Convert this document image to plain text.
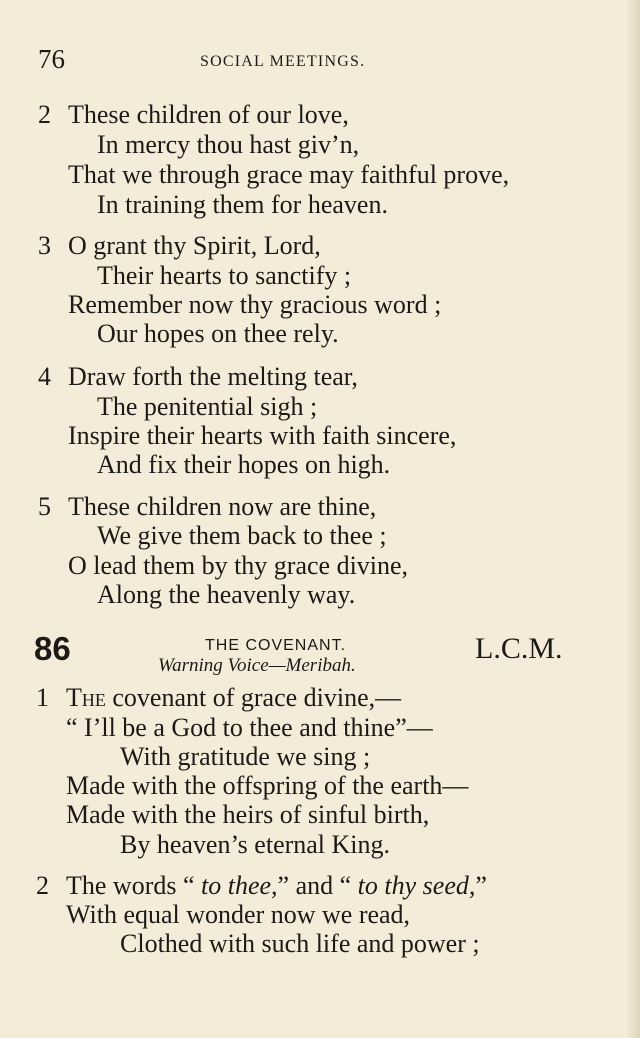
76	SOCIAL MEETINGS.
2 These children of our love,
In mercy thou hast giv’n,
That we through grace may faithful prove,
In training them for heaven.
3 O grant thy Spirit, Lord,
Their hearts to sanctify ;
Remember now thy gracious word ;
Our hopes on thee rely.
4 Draw forth the melting tear,
The penitential sigh ;
Inspire their hearts with faith sincere,
And fix their hopes on high.
5 These children now are thine,
We give them back to thee ;
O lead them by thy grace divine,
Along the heavenly way.
86	THE COVENANT.
Warning Voice—Meribah.
L.C.M.
1 The covenant of grace divine,—
“ I’ll be a God to thee and thine”—
With gratitude we sing ;
Made with the offspring of the earth—
Made with the heirs of sinful birth,
By heaven’s eternal King.
2 The words “ to thee,” and “ to thy seed,”
With equal wonder now we read,
Clothed with such life and power ;
